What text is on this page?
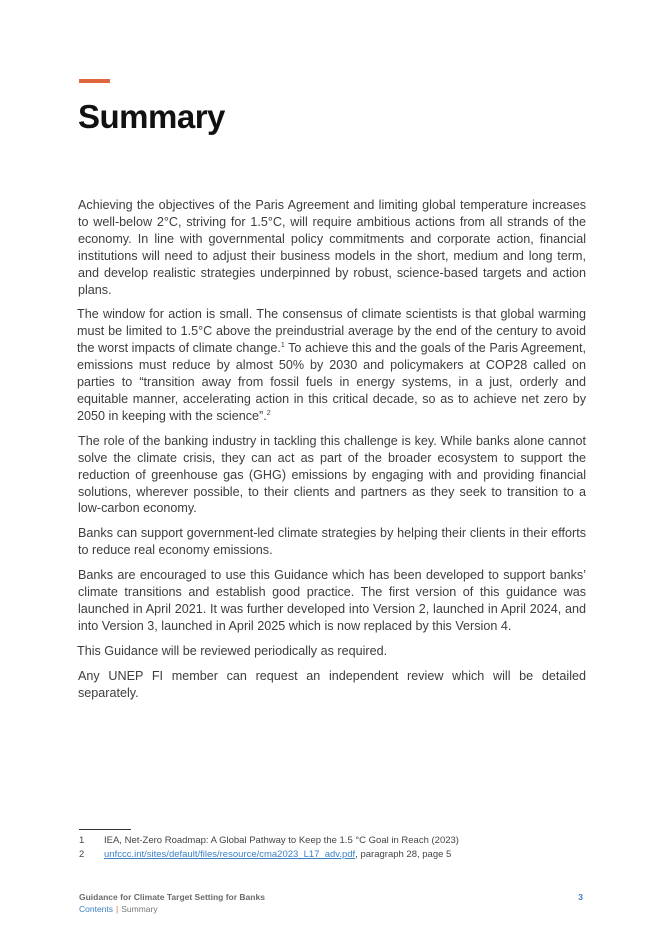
Summary

Achieving the objectives of the Paris Agreement and limiting global temperature increases to well-below 2°C, striving for 1.5°C, will require ambitious actions from all strands of the economy. In line with governmental policy commitments and corporate action, financial institutions will need to adjust their business models in the short, medium and long term, and develop realistic strategies underpinned by robust, science-based targets and action plans.

The window for action is small. The consensus of climate scientists is that global warming must be limited to 1.5°C above the preindustrial average by the end of the century to avoid the worst impacts of climate change.$^1$ To achieve this and the goals of the Paris Agreement, emissions must reduce by almost 50% by 2030 and policymakers at COP28 called on parties to “transition away from fossil fuels in energy systems, in a just, orderly and equitable manner, accelerating action in this critical decade, so as to achieve net zero by 2050 in keeping with the science”.$^2$

The role of the banking industry in tackling this challenge is key. While banks alone cannot solve the climate crisis, they can act as part of the broader ecosystem to support the reduction of greenhouse gas (GHG) emissions by engaging with and providing financial solutions, wherever possible, to their clients and partners as they seek to transition to a low-carbon economy.

Banks can support government-led climate strategies by helping their clients in their efforts to reduce real economy emissions.

Banks are encouraged to use this Guidance which has been developed to support banks’ climate transitions and establish good practice. The first version of this guidance was launched in April 2021. It was further developed into Version 2, launched in April 2024, and into Version 3, launched in April 2025 which is now replaced by this Version 4.

This Guidance will be reviewed periodically as required.

Any UNEP FI member can request an independent review which will be detailed separately.

1	IEA, Net-Zero Roadmap: A Global Pathway to Keep the 1.5 °C Goal in Reach (2023)
2	unfccc.int/sites/default/files/resource/cma2023_L17_adv.pdf, paragraph 28, page 5
Guidance for Climate Target Setting for Banks
Contents | Summary
3
